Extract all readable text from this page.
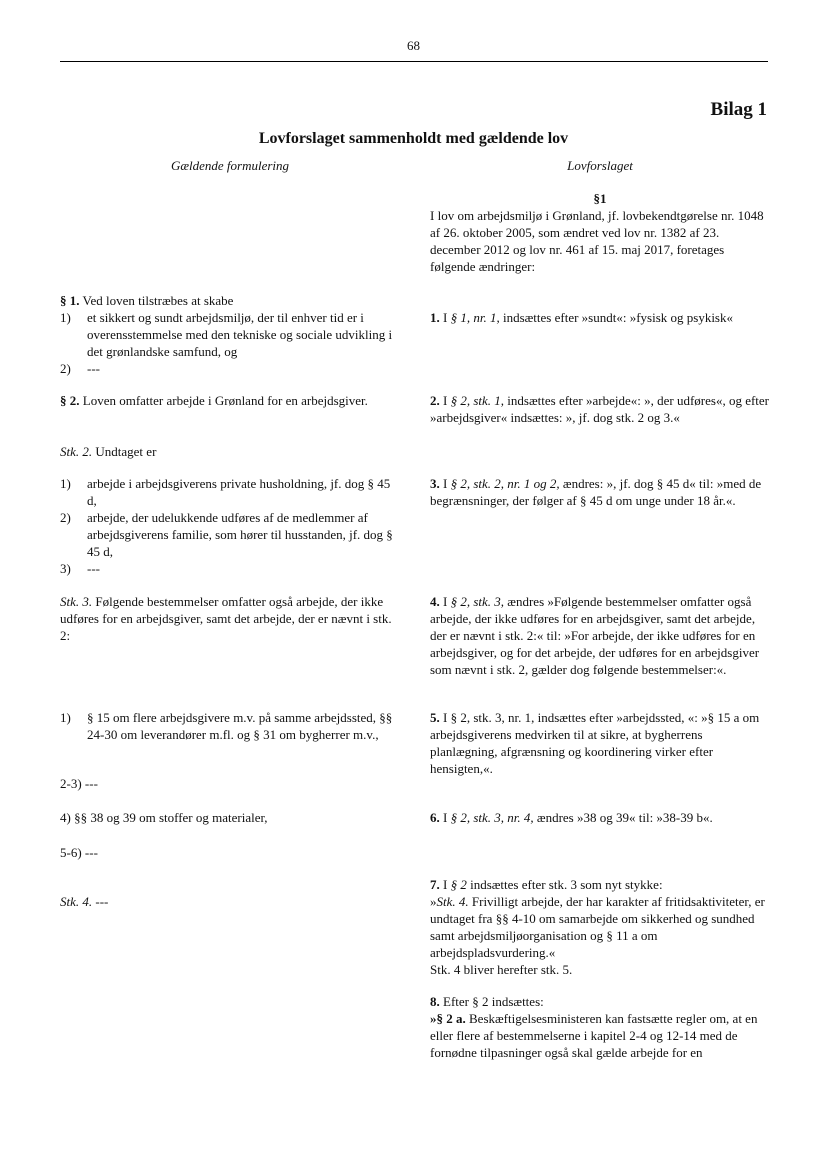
68
Bilag 1
Lovforslaget sammenholdt med gældende lov
Gældende formulering	Lovforslaget
§1
I lov om arbejdsmiljø i Grønland, jf. lovbekendtgørelse nr. 1048 af 26. oktober 2005, som ændret ved lov nr. 1382 af 23. december 2012 og lov nr. 461 af 15. maj 2017, foretages følgende ændringer:
§ 1. Ved loven tilstræbes at skabe
1) et sikkert og sundt arbejdsmiljø, der til enhver tid er i overensstemmelse med den tekniske og sociale udvikling i det grønlandske samfund, og
2) ---
§ 2. Loven omfatter arbejde i Grønland for en arbejdsgiver.
Stk. 2. Undtaget er
1) arbejde i arbejdsgiverens private husholdning, jf. dog § 45 d,
2) arbejde, der udelukkende udføres af de medlemmer af arbejdsgiverens familie, som hører til husstanden, jf. dog § 45 d,
3) ---
Stk. 3. Følgende bestemmelser omfatter også arbejde, der ikke udføres for en arbejdsgiver, samt det arbejde, der er nævnt i stk. 2:
1) § 15 om flere arbejdsgivere m.v. på samme arbejdssted, §§ 24-30 om leverandører m.fl. og § 31 om bygherrer m.v.,
2-3) ---
4) §§ 38 og 39 om stoffer og materialer,
5-6) ---
Stk. 4. ---
1. I § 1, nr. 1, indsættes efter »sundt«: »fysisk og psykisk«
2. I § 2, stk. 1, indsættes efter »arbejde«: », der udføres«, og efter »arbejdsgiver« indsættes: », jf. dog stk. 2 og 3.«
3. I § 2, stk. 2, nr. 1 og 2, ændres: », jf. dog § 45 d« til: »med de begrænsninger, der følger af § 45 d om unge under 18 år.«.
4. I § 2, stk. 3, ændres »Følgende bestemmelser omfatter også arbejde, der ikke udføres for en arbejdsgiver, samt det arbejde, der er nævnt i stk. 2:« til: »For arbejde, der ikke udføres for en arbejdsgiver, og for det arbejde, der udføres for en arbejdsgiver som nævnt i stk. 2, gælder dog følgende bestemmelser:«.
5. I § 2, stk. 3, nr. 1, indsættes efter »arbejdssted, «: »§ 15 a om arbejdsgiverens medvirken til at sikre, at bygherrens planlægning, afgrænsning og koordinering virker efter hensigten,«.
6. I § 2, stk. 3, nr. 4, ændres »38 og 39« til: »38-39 b«.
7. I § 2 indsættes efter stk. 3 som nyt stykke:
»Stk. 4. Frivilligt arbejde, der har karakter af fritidsaktiviteter, er undtaget fra §§ 4-10 om samarbejde om sikkerhed og sundhed samt arbejdsmiljøorganisation og § 11 a om arbejdspladsvurdering.«
Stk. 4 bliver herefter stk. 5.
8. Efter § 2 indsættes:
»§ 2 a. Beskæftigelsesministeren kan fastsætte regler om, at en eller flere af bestemmelserne i kapitel 2-4 og 12-14 med de fornødne tilpasninger også skal gælde arbejde for en
